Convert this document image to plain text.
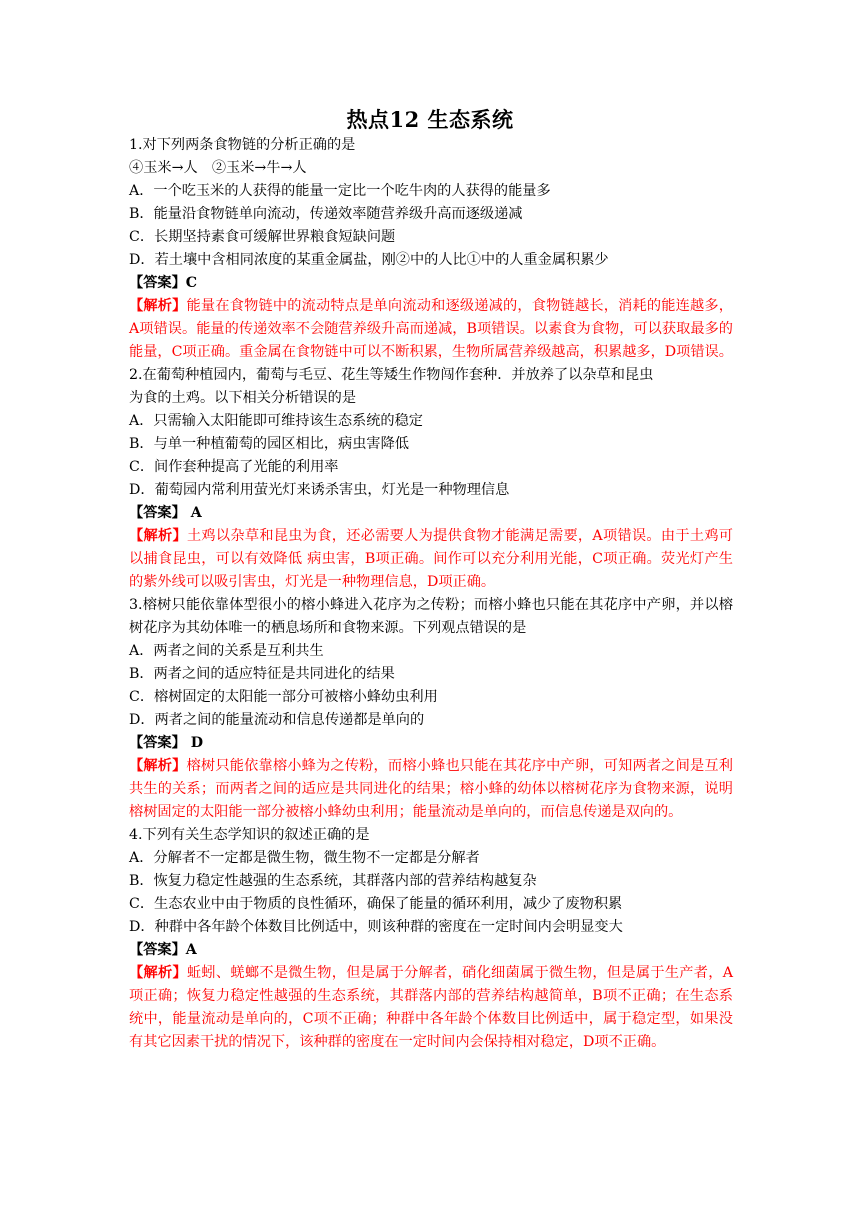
热点12 生态系统
1.对下列两条食物链的分析正确的是
④玉米→人　②玉米→牛→人
A．一个吃玉米的人获得的能量一定比一个吃牛肉的人获得的能量多
B．能量沿食物链单向流动，传递效率随营养级升高而逐级递减
C．长期坚持素食可缓解世界粮食短缺问题
D．若土壤中含相同浓度的某重金属盐，刚②中的人比①中的人重金属积累少
【答案】C
【解析】能量在食物链中的流动特点是单向流动和逐级递减的，食物链越长，消耗的能连越多，A项错误。能量的传递效率不会随营养级升高而递减，B项错误。以素食为食物，可以获取最多的能量，C项正确。重金属在食物链中可以不断积累，生物所属营养级越高，积累越多，D项错误。
2.在葡萄种植园内，葡萄与毛豆、花生等矮生作物闯作套种．并放养了以杂草和昆虫
为食的土鸡。以下相关分析错误的是
A．只需输入太阳能即可维持该生态系统的稳定
B．与单一种植葡萄的园区相比，病虫害降低
C．间作套种提高了光能的利用率
D．葡萄园内常利用萤光灯来诱杀害虫，灯光是一种物理信息
【答案】 A
【解析】土鸡以杂草和昆虫为食，还必需要人为提供食物才能满足需要，A项错误。由于土鸡可以捕食昆虫，可以有效降低 病虫害，B项正确。间作可以充分利用光能，C项正确。荧光灯产生的紫外线可以吸引害虫，灯光是一种物理信息，D项正确。
3.榕树只能依靠体型很小的榕小蜂进入花序为之传粉；而榕小蜂也只能在其花序中产卵，并以榕树花序为其幼体唯一的栖息场所和食物来源。下列观点错误的是
A．两者之间的关系是互利共生
B．两者之间的适应特征是共同进化的结果
C．榕树固定的太阳能一部分可被榕小蜂幼虫利用
D．两者之间的能量流动和信息传递都是单向的
【答案】 D
【解析】榕树只能依靠榕小蜂为之传粉，而榕小蜂也只能在其花序中产卵，可知两者之间是互利共生的关系；而两者之间的适应是共同进化的结果；榕小蜂的幼体以榕树花序为食物来源，说明榕树固定的太阳能一部分被榕小蜂幼虫利用；能量流动是单向的，而信息传递是双向的。
4.下列有关生态学知识的叙述正确的是
A．分解者不一定都是微生物，微生物不一定都是分解者
B．恢复力稳定性越强的生态系统，其群落内部的营养结构越复杂
C．生态农业中由于物质的良性循环，确保了能量的循环利用，减少了废物积累
D．种群中各年龄个体数目比例适中，则该种群的密度在一定时间内会明显变大
【答案】A
【解析】蚯蚓、蜣螂不是微生物，但是属于分解者，硝化细菌属于微生物，但是属于生产者，A项正确；恢复力稳定性越强的生态系统，其群落内部的营养结构越简单，B项不正确；在生态系统中，能量流动是单向的，C项不正确；种群中各年龄个体数目比例适中，属于稳定型，如果没有其它因素干扰的情况下，该种群的密度在一定时间内会保持相对稳定，D项不正确。
